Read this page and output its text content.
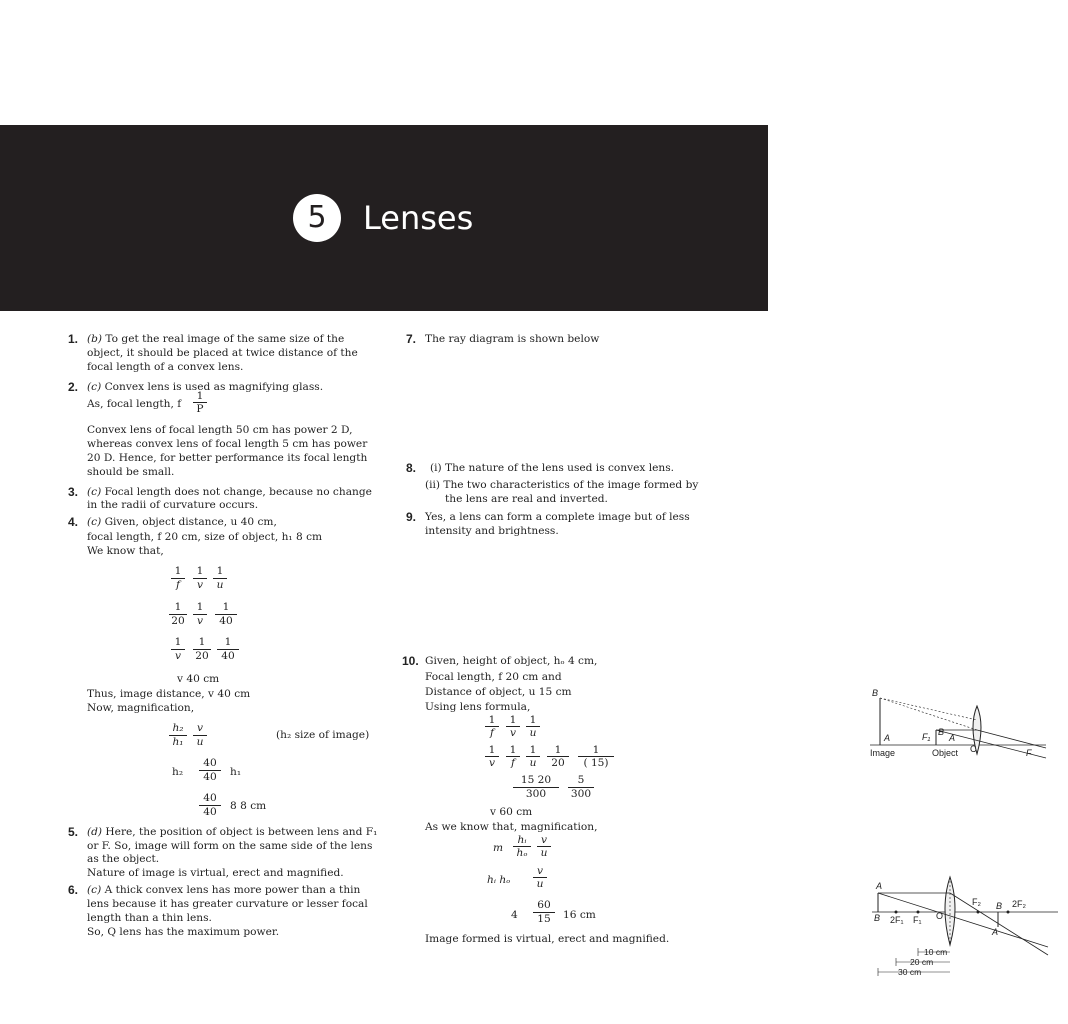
5	Lenses
1. (b) To get the real image of the same size of the
object, it should be placed at twice distance of the
focal length of a convex lens.
2. (c) Convex lens is used as magnifying glass.
As, focal length, f $\frac{1}{P}$
Convex lens of focal length 50 cm has power 2 D,
whereas convex lens of focal length 5 cm has power
20 D. Hence, for better performance its focal length
should be small.
3. (c) Focal length does not change, because no change
in the radii of curvature occurs.
4. (c) Given, object distance, u 40 cm,
focal length, f 20 cm, size of object, h₁ 8 cm
We know that,
$\frac{1}{f} \frac{1}{v} \frac{1}{u}$
$\frac{1}{20} \frac{1}{v} \frac{1}{40}$
$\frac{1}{v} \frac{1}{20} \frac{1}{40}$
v 40 cm
Thus, image distance, v 40 cm
Now, magnification,
$\frac{\text{h₂}}{\text{h₁}} \frac{v}{u}$	(h₂ size of image)
$h_2 \frac{40}{40} h_1$
$\frac{40}{40} 8$ 8 cm
5. (d) Here, the position of object is between lens and F₁
or F. So, image will form on the same side of the lens
as the object.
Nature of image is virtual, erect and magnified.
6. (c) A thick convex lens has more power than a thin
lens because it has greater curvature or lesser focal
length than a thin lens.
So, Q lens has the maximum power.
7. The ray diagram is shown below
B
A	F₁ B
A
C	F
Image	Object
8. (i) The nature of the lens used is convex lens.
(ii) The two characteristics of the image formed by
the lens are real and inverted.
9. Yes, a lens can form a complete image but of less
intensity and brightness.
A
B 2F₁ F₁ O
F₂ B 2F₂
A
10 cm
20 cm
30 cm
10. Given, height of object, hₒ 4 cm,
Focal length, f 20 cm and
Distance of object, u 15 cm
Using lens formula,
$\frac{1}{f} \frac{1}{v} \frac{1}{u}$
$\frac{1}{v} \frac{1}{f} \frac{1}{u} \frac{1}{20} \frac{1}{( 15)}$
$\frac{15 20}{300} \frac{5}{300}$
v 60 cm
As we know that, magnification,
m $\frac{\text{hᵢ}}{\text{hₒ}} \frac{v}{u}$
hᵢ hₒ $\frac{v}{u}$
$4 \frac{60}{15} 16$ cm
Image formed is virtual, erect and magnified.
